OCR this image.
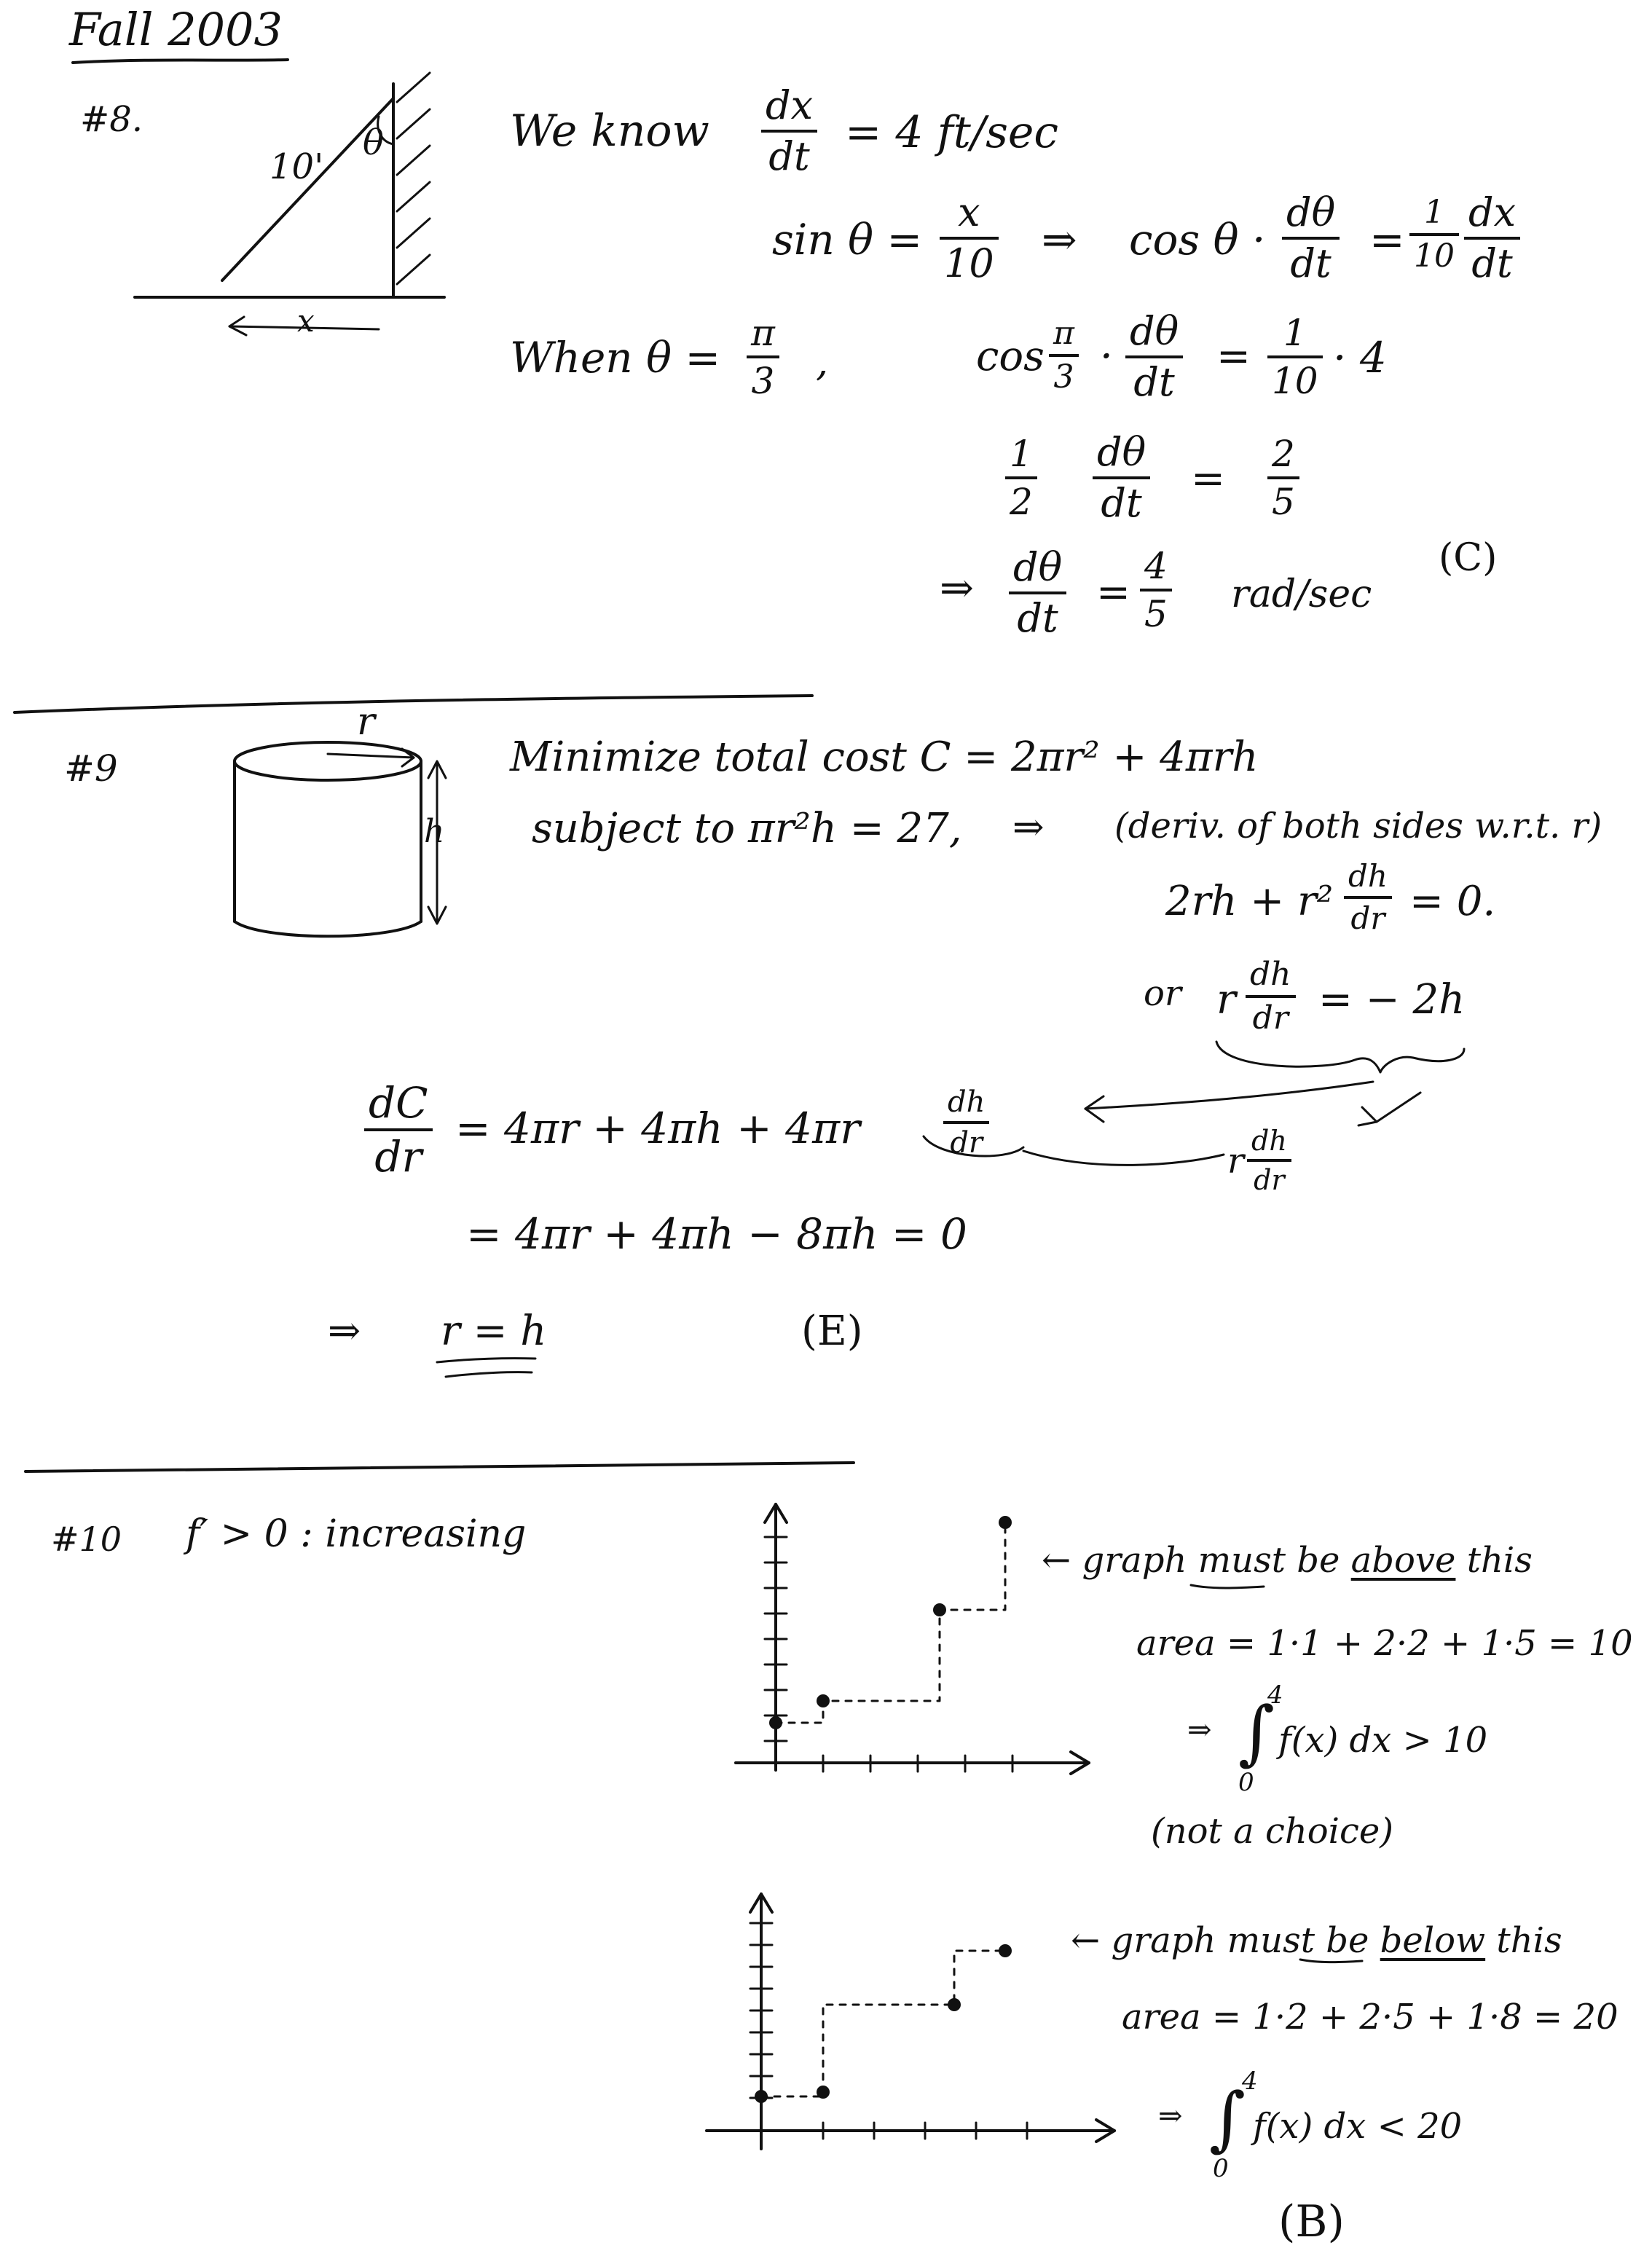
Fall 2003
#8.
10'
θ
x
We know
dx
dt = 4 ft/sec
sin θ =
x
10 ⇒ cos θ ·
dθ
dt =
1
10
dx
dt
When θ = π
3 ,	cos π
3 ·
dθ
dt
= 1
10 · 4
1
2
dθ
dt
=
2
5
⇒ dθ
dt
=
4
5 rad/sec
(C)
#9
r
h
Minimize total cost C = 2πr² + 4πrh
subject to πr²h = 27, ⇒ (deriv. of both sides w.r.t. r)
2rh + r²
dh
dr = 0.
or r
dh
dr = − 2h
dC
dr
= 4πr + 4πh + 4πr
dh
dr	r dh
dr
= 4πr + 4πh − 8πh = 0
⇒ r = h	(E)
#10 f′ > 0 : increasing
← graph must be above this
area = 1·1 + 2·2 + 1·5 = 10
⇒ ∫
4
0
f(x) dx > 10
(not a choice)
← graph must be below this
area = 1·2 + 2·5 + 1·8 = 20
⇒ ∫
4
0
f(x) dx < 20
(B)
